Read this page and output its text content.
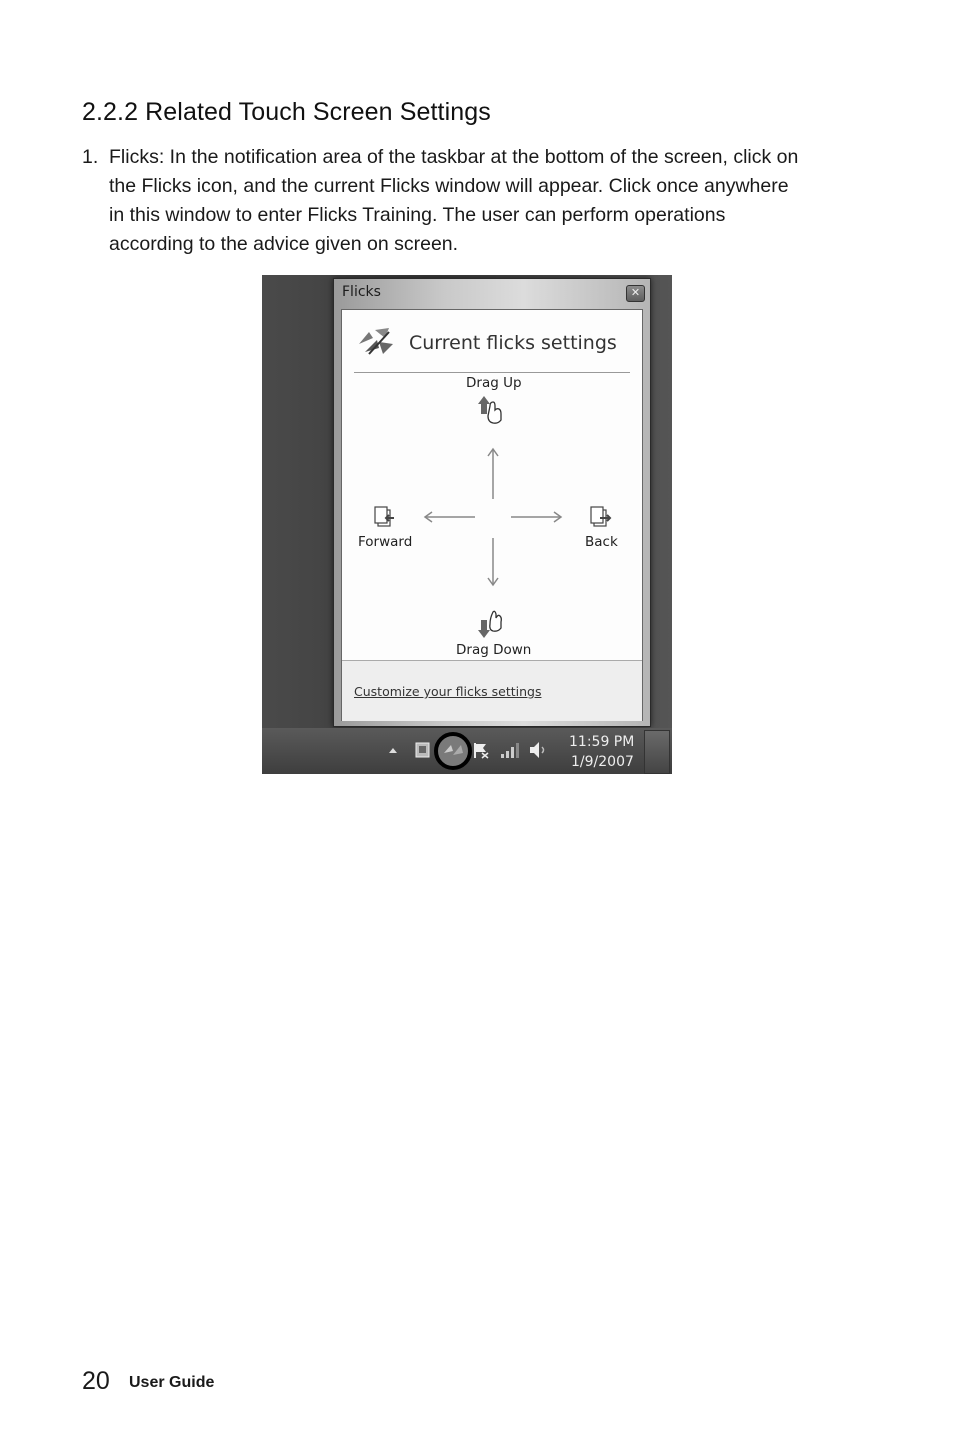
2.2.2 Related Touch Screen Settings
1. Flicks: In the notification area of the taskbar at the bottom of the screen, click on
the Flicks icon, and the current Flicks window will appear. Click once anywhere
in this window to enter Flicks Training. The user can perform operations
according to the advice given on screen.
Flicks	✕
Current flicks settings
Drag Up
Forward	Back
Drag Down
Customize your flicks settings
11:59 PM
1/9/2007
20 User Guide
